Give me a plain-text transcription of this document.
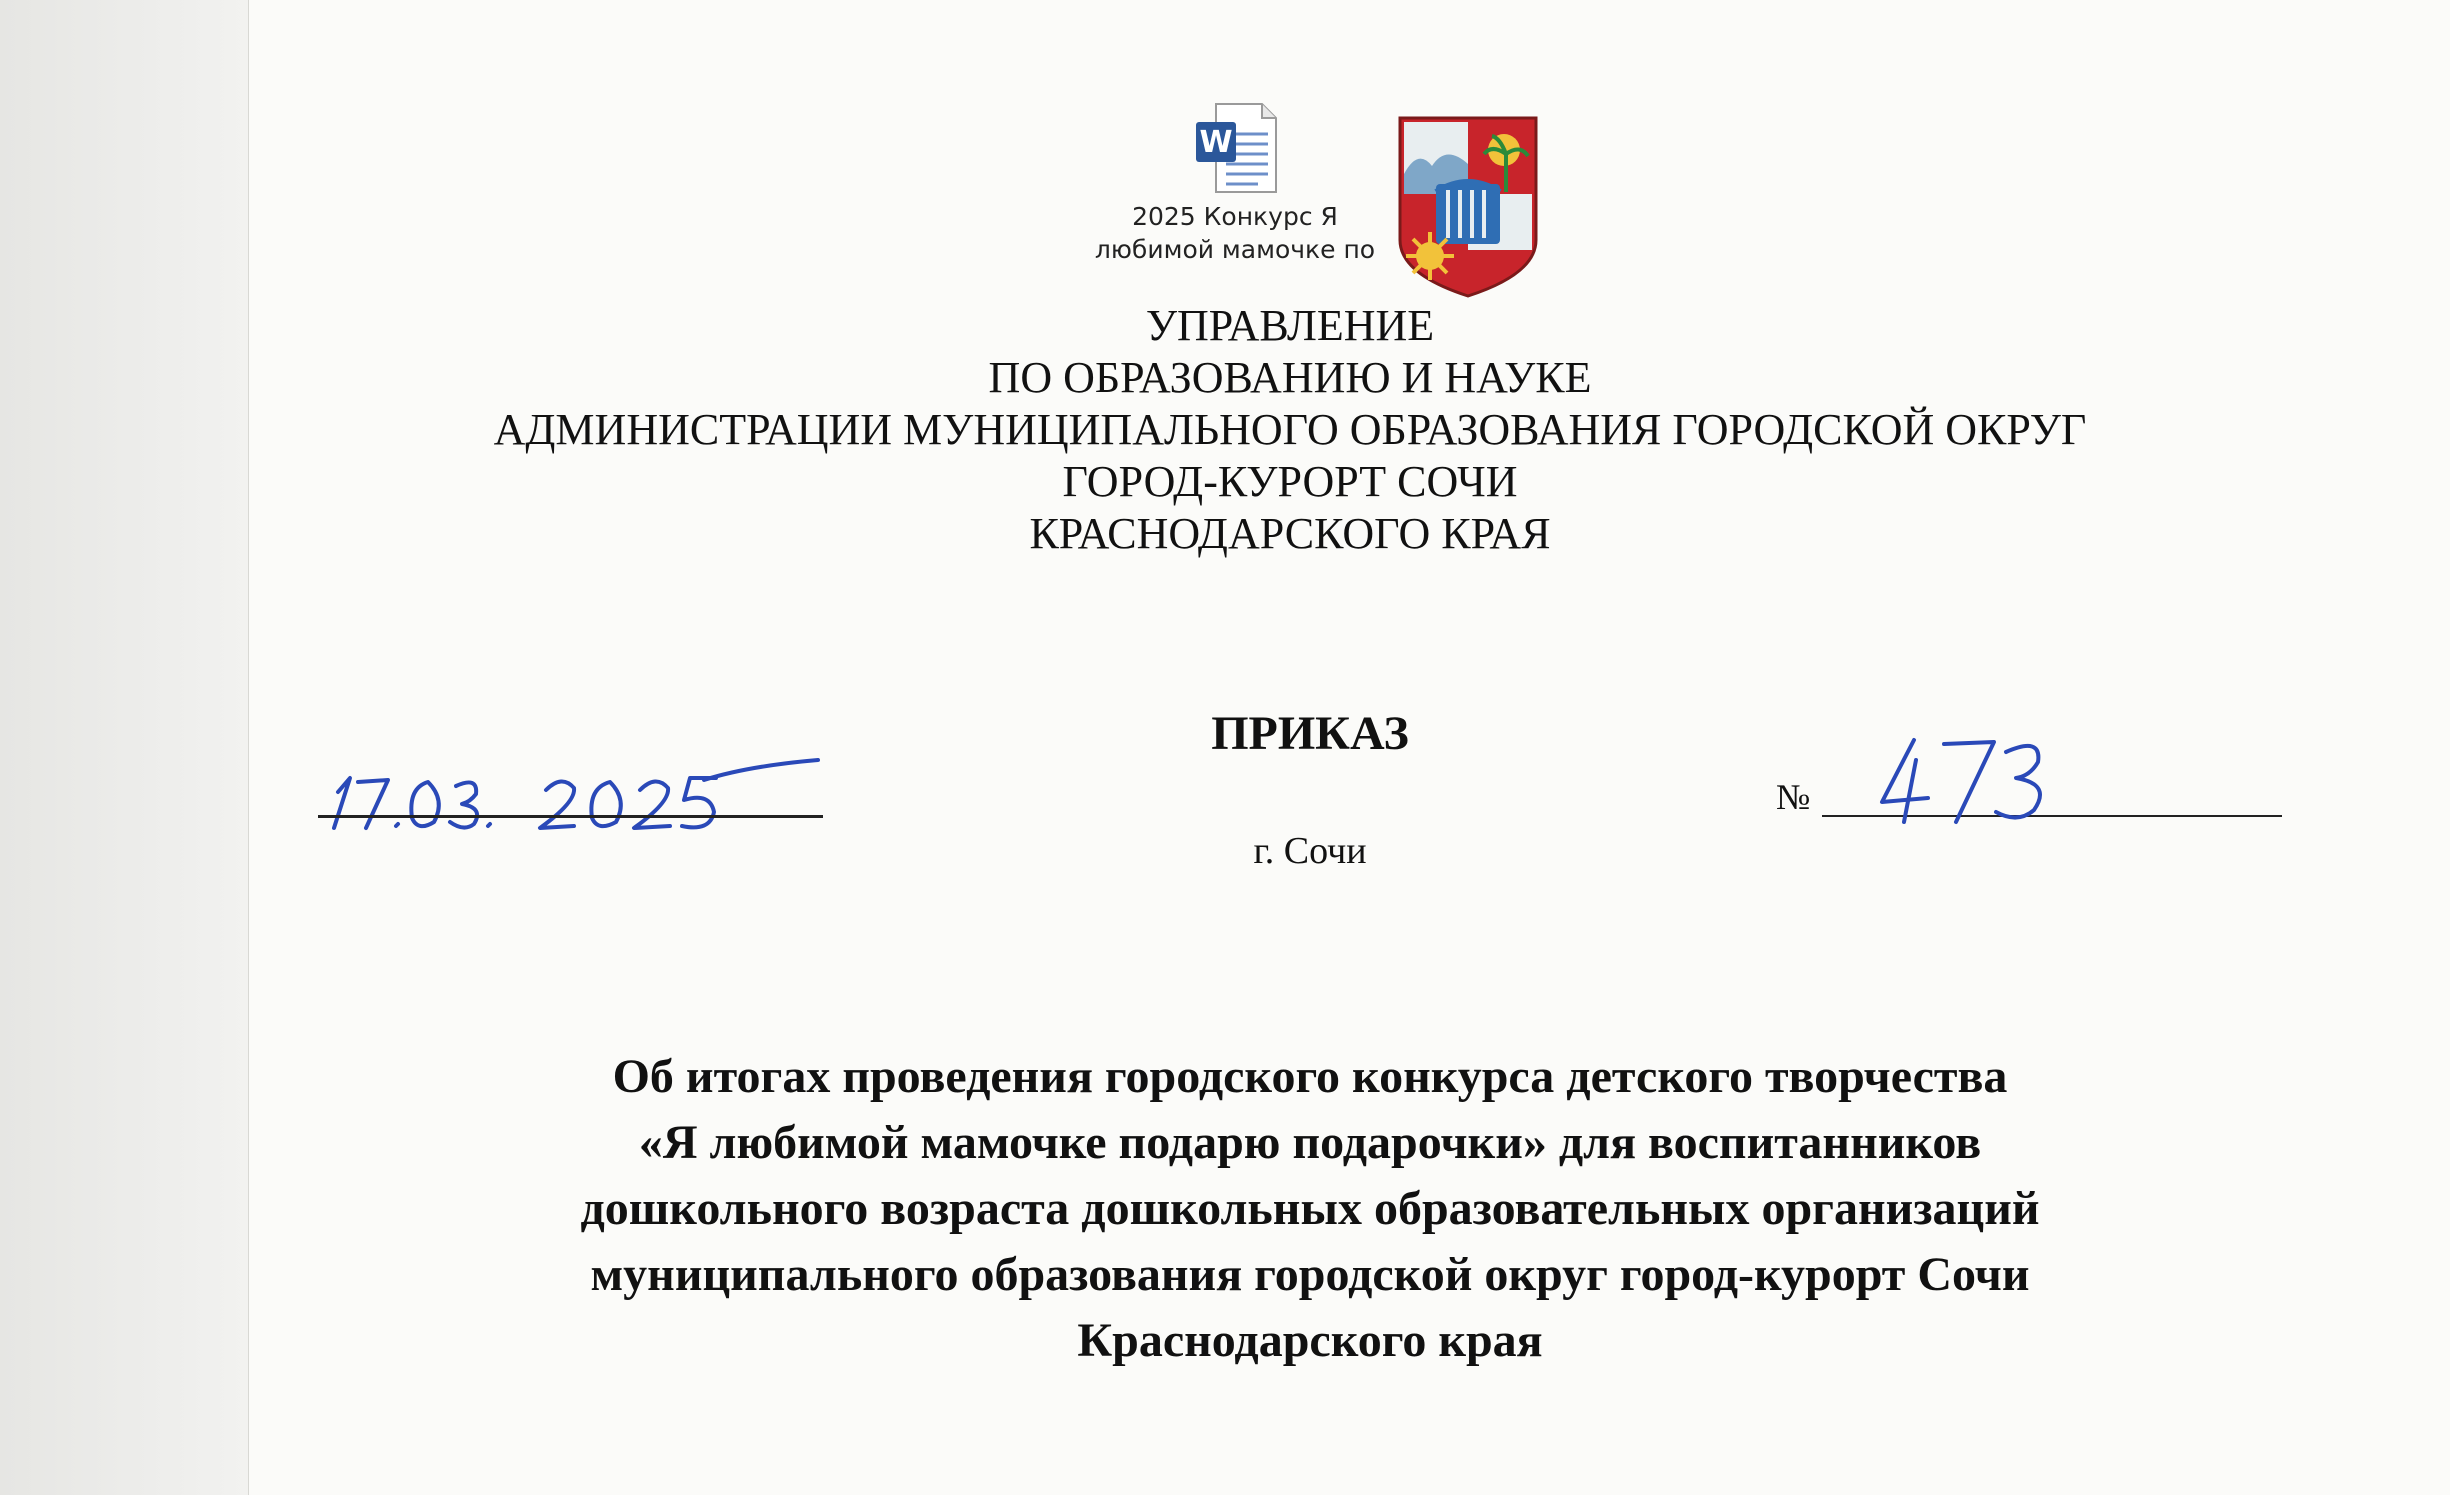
W
2025 Конкурс Я
любимой мамочке по
УПРАВЛЕНИЕ
ПО ОБРАЗОВАНИЮ И НАУКЕ
АДМИНИСТРАЦИИ МУНИЦИПАЛЬНОГО ОБРАЗОВАНИЯ ГОРОДСКОЙ ОКРУГ
ГОРОД-КУРОРТ СОЧИ
КРАСНОДАРСКОГО КРАЯ
ПРИКАЗ
№
г. Сочи
Об итогах проведения городского конкурса детского творчества
«Я любимой мамочке подарю подарочки» для воспитанников
дошкольного возраста дошкольных образовательных организаций
муниципального образования городской округ город-курорт Сочи
Краснодарского края
